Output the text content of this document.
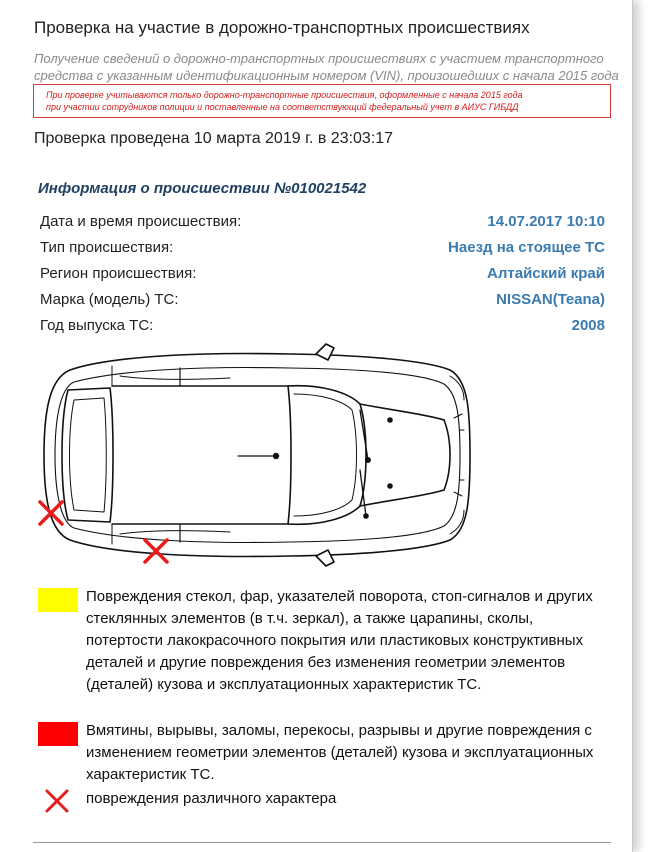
Проверка на участие в дорожно-транспортных происшествиях
Получение сведений о дорожно-транспортных происшествиях с участием транспортного средства с указанным идентификационным номером (VIN), произошедших с начала 2015 года
При проверке учитываются только дорожно-транспортные происшествия, оформленные с начала 2015 года
при участии сотрудников полиции и поставленные на соответствующий федеральный учет в АИУС ГИБДД
Проверка проведена 10 марта 2019 г. в 23:03:17
Информация о происшествии №010021542
Дата и время происшествия:	14.07.2017 10:10
Тип происшествия:	Наезд на стоящее ТС
Регион происшествия:	Алтайский край
Марка (модель) ТС:	NISSAN(Teana)
Год выпуска ТС:	2008
Повреждения стекол, фар, указателей поворота, стоп-сигналов и других стеклянных элементов (в т.ч. зеркал), а также царапины, сколы, потертости лакокрасочного покрытия или пластиковых конструктивных деталей и другие повреждения без изменения геометрии элементов (деталей) кузова и эксплуатационных характеристик ТС.
Вмятины, вырывы, заломы, перекосы, разрывы и другие повреждения с изменением геометрии элементов (деталей) кузова и эксплуатационных характеристик ТС.
повреждения различного характера
